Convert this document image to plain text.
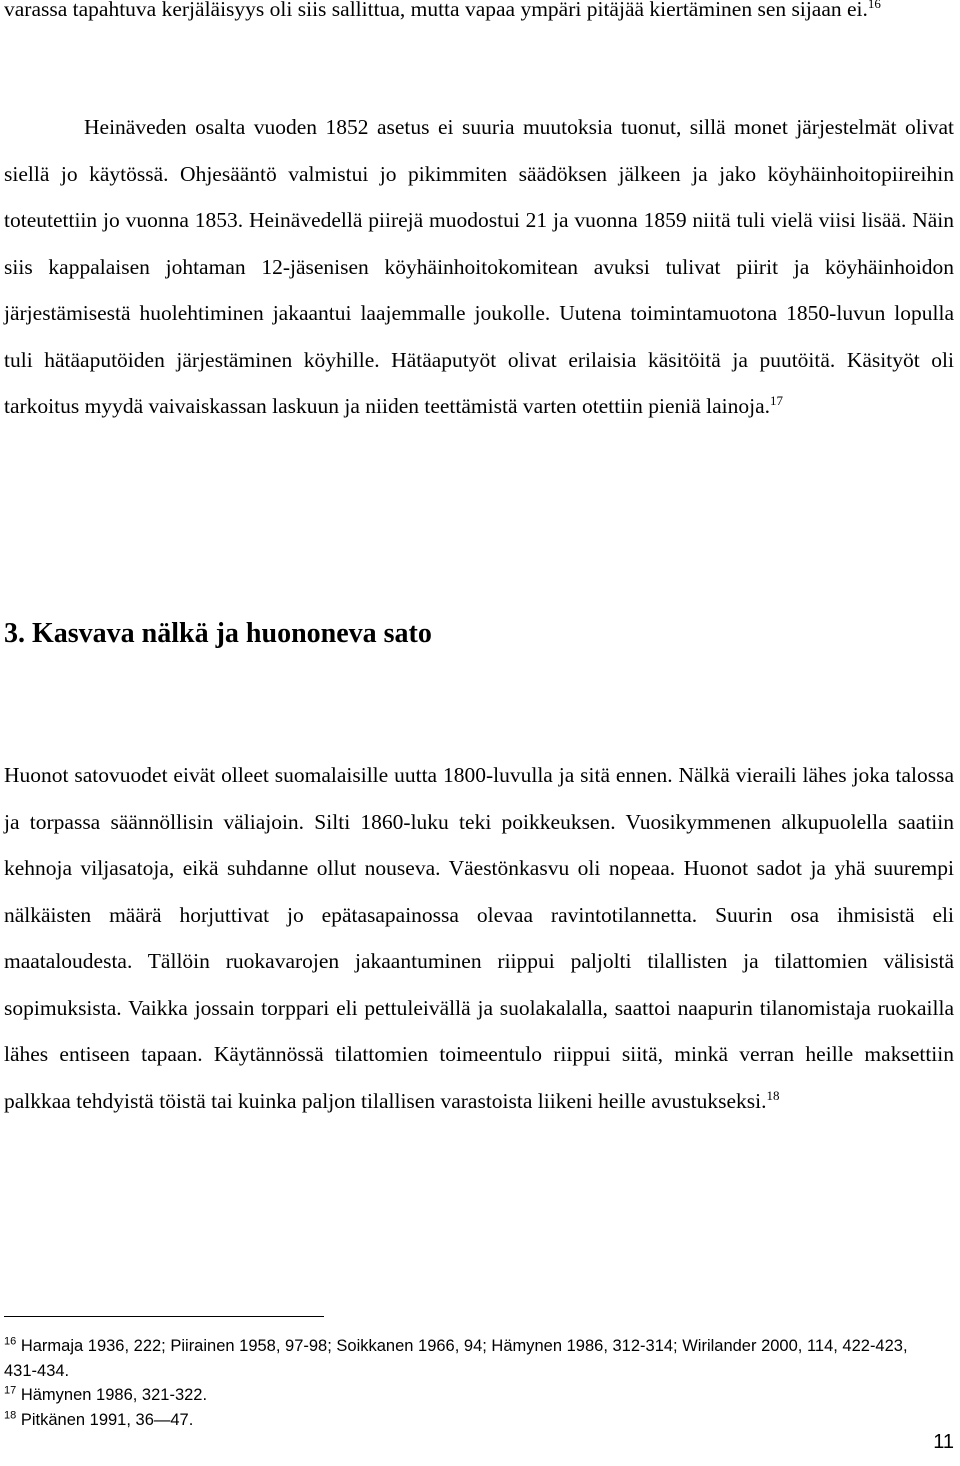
varassa tapahtuva kerjäläisyys oli siis sallittua, mutta vapaa ympäri pitäjää kiertäminen sen sijaan ei.$^{16}$

Heinäveden osalta vuoden 1852 asetus ei suuria muutoksia tuonut, sillä monet järjestelmät olivat siellä jo käytössä. Ohjesääntö valmistui jo pikimmiten säädöksen jälkeen ja jako köyhäinhoitopiireihin toteutettiin jo vuonna 1853. Heinävedellä piirejä muodostui 21 ja vuonna 1859 niitä tuli vielä viisi lisää. Näin siis kappalaisen johtaman 12-jäsenisen köyhäinhoitokomitean avuksi tulivat piirit ja köyhäinhoidon järjestämisestä huolehtiminen jakaantui laajemmalle joukolle. Uutena toimintamuotona 1850-luvun lopulla tuli hätäaputöiden järjestäminen köyhille. Hätäaputyöt olivat erilaisia käsitöitä ja puutöitä. Käsityöt oli tarkoitus myydä vaivaiskassan laskuun ja niiden teettämistä varten otettiin pieniä lainoja.$^{17}$

3. Kasvava nälkä ja huononeva sato

Huonot satovuodet eivät olleet suomalaisille uutta 1800-luvulla ja sitä ennen. Nälkä vieraili lähes joka talossa ja torpassa säännöllisin väliajoin. Silti 1860-luku teki poikkeuksen. Vuosikymmenen alkupuolella saatiin kehnoja viljasatoja, eikä suhdanne ollut nouseva. Väestönkasvu oli nopeaa. Huonot sadot ja yhä suurempi nälkäisten määrä horjuttivat jo epätasapainossa olevaa ravintotilannetta. Suurin osa ihmisistä eli maataloudesta. Tällöin ruokavarojen jakaantuminen riippui paljolti tilallisten ja tilattomien välisistä sopimuksista. Vaikka jossain torppari eli pettuleivällä ja suolakalalla, saattoi naapurin tilanomistaja ruokailla lähes entiseen tapaan. Käytännössä tilattomien toimeentulo riippui siitä, minkä verran heille maksettiin palkkaa tehdyistä töistä tai kuinka paljon tilallisen varastoista liikeni heille avustukseksi.$^{18}$

$^{16}$ Harmaja 1936, 222; Piirainen 1958, 97-98; Soikkanen 1966, 94; Hämynen 1986, 312-314; Wirilander 2000, 114, 422-423, 431-434.

$^{17}$ Hämynen 1986, 321-322.

$^{18}$ Pitkänen 1991, 36—47.

11
